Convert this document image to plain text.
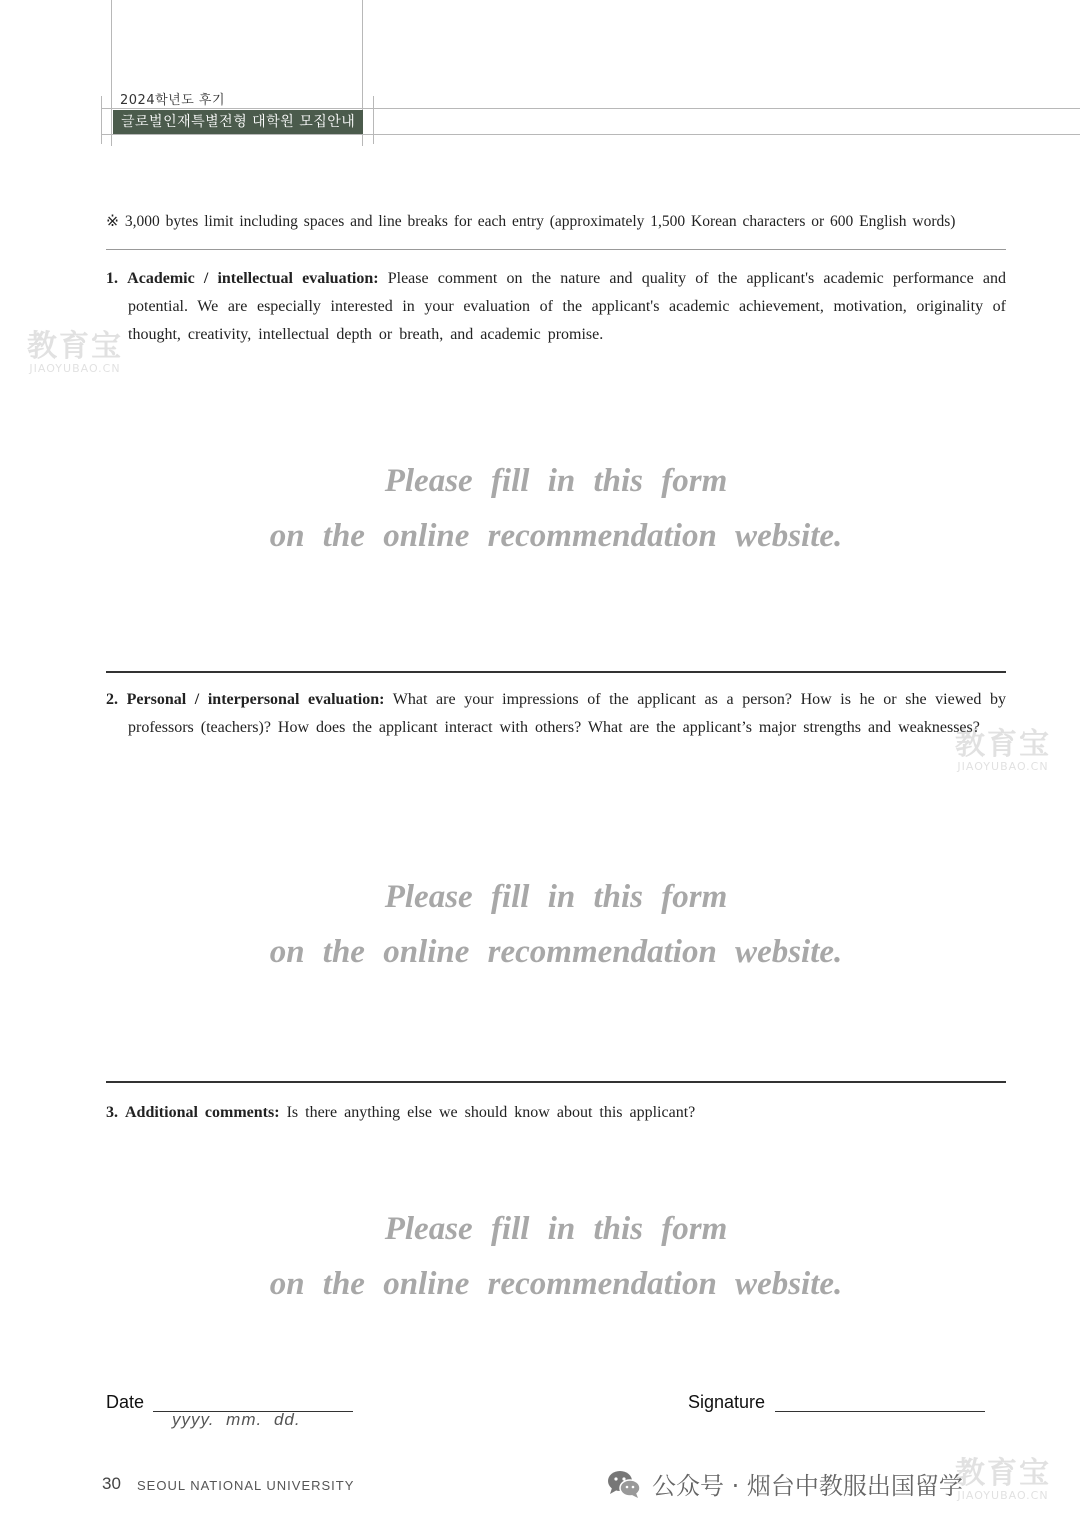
2024학년도 후기
글로벌인재특별전형 대학원 모집안내
※ 3,000 bytes limit including spaces and line breaks for each entry (approximately 1,500 Korean characters or 600 English words)
1. Academic / intellectual evaluation: Please comment on the nature and quality of the applicant's academic performance and potential. We are especially interested in your evaluation of the applicant's academic achievement, motivation, originality of thought, creativity, intellectual depth or breath, and academic promise.
Please fill in this form
on the online recommendation website.
2. Personal / interpersonal evaluation: What are your impressions of the applicant as a person? How is he or she viewed by professors (teachers)? How does the applicant interact with others? What are the applicant’s major strengths and weaknesses?
Please fill in this form
on the online recommendation website.
3. Additional comments: Is there anything else we should know about this applicant?
Please fill in this form
on the online recommendation website.
Date
yyyy. mm. dd.
Signature
30 SEOUL NATIONAL UNIVERSITY
教育宝
JIAOYUBAO.CN
教育宝
JIAOYUBAO.CN
教育宝
JIAOYUBAO.CN
公众号 · 烟台中教服出国留学
